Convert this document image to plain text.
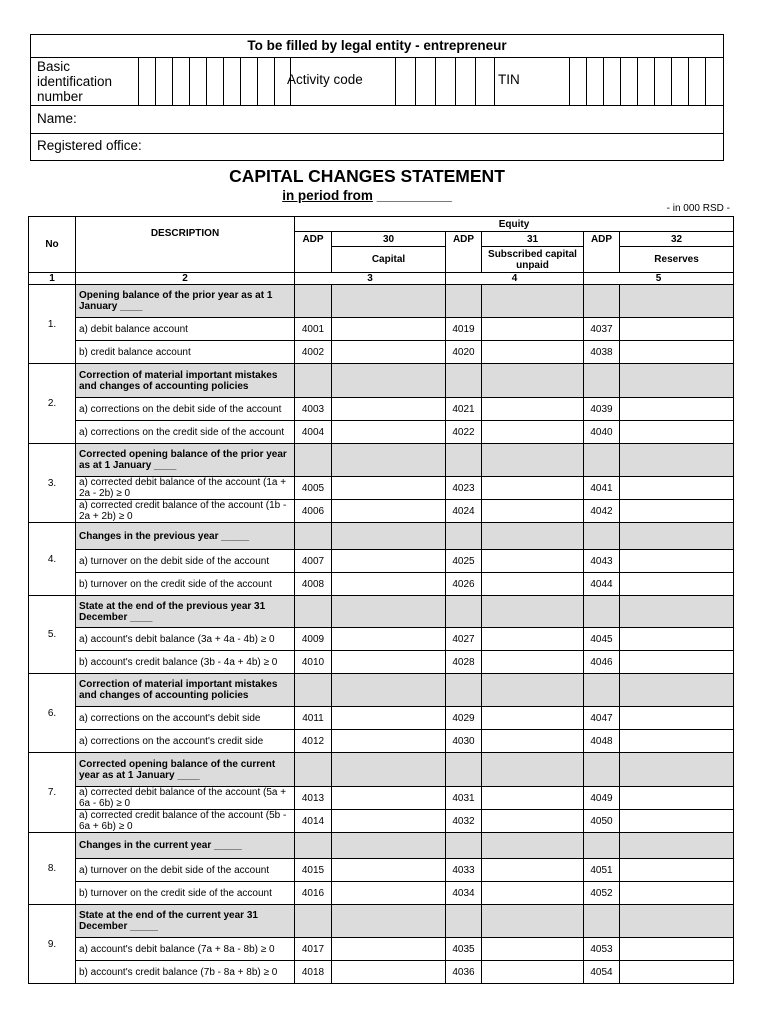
To be filled by legal entity - entrepreneur
Basic identification number
Activity code	TIN
Name:
Registered office:
CAPITAL CHANGES STATEMENT
in period from __________
- in 000 RSD -
No	DESCRIPTION	Equity					
		ADP	30	ADP	31	ADP	32
			Capital		Subscribed capital unpaid		Reserves
1	2	3		4		5	
1.	Opening balance of the prior year as at 1 January ____						
	a) debit balance account	4001		4019		4037	
	b) credit balance account	4002		4020		4038	
2.	Correction of material important mistakes and changes of accounting policies						
	a) corrections on the debit side of the account	4003		4021		4039	
	a) corrections on the credit side of the account	4004		4022		4040	
3.	Corrected opening balance of the prior year as at 1 January ____						
	a) corrected debit balance of the account (1a + 2a - 2b) ≥ 0	4005		4023		4041	
	a) corrected credit balance of the account (1b - 2a + 2b) ≥ 0	4006		4024		4042	
4.	Changes in the previous year _____						
	a) turnover on the debit side of the account	4007		4025		4043	
	b) turnover on the credit side of the account	4008		4026		4044	
5.	State at the end of the previous year 31 December ____						
	a) account's debit balance (3a + 4a - 4b) ≥ 0	4009		4027		4045	
	b) account's credit balance (3b - 4a + 4b) ≥ 0	4010		4028		4046	
6.	Correction of material important mistakes and changes of accounting policies						
	a) corrections on the account's debit side	4011		4029		4047	
	a) corrections on the account's credit side	4012		4030		4048	
7.	Corrected opening balance of the current year as at 1 January ____						
	a) corrected debit balance of the account (5a + 6a - 6b) ≥ 0	4013		4031		4049	
	a) corrected credit balance of the account (5b - 6a + 6b) ≥ 0	4014		4032		4050	
8.	Changes in the current year _____						
	a) turnover on the debit side of the account	4015		4033		4051	
	b) turnover on the credit side of the account	4016		4034		4052	
9.	State at the end of the current year 31 December _____						
	a) account's debit balance (7a + 8a - 8b) ≥ 0	4017		4035		4053	
	b) account's credit balance (7b - 8a + 8b) ≥ 0	4018		4036		4054	
